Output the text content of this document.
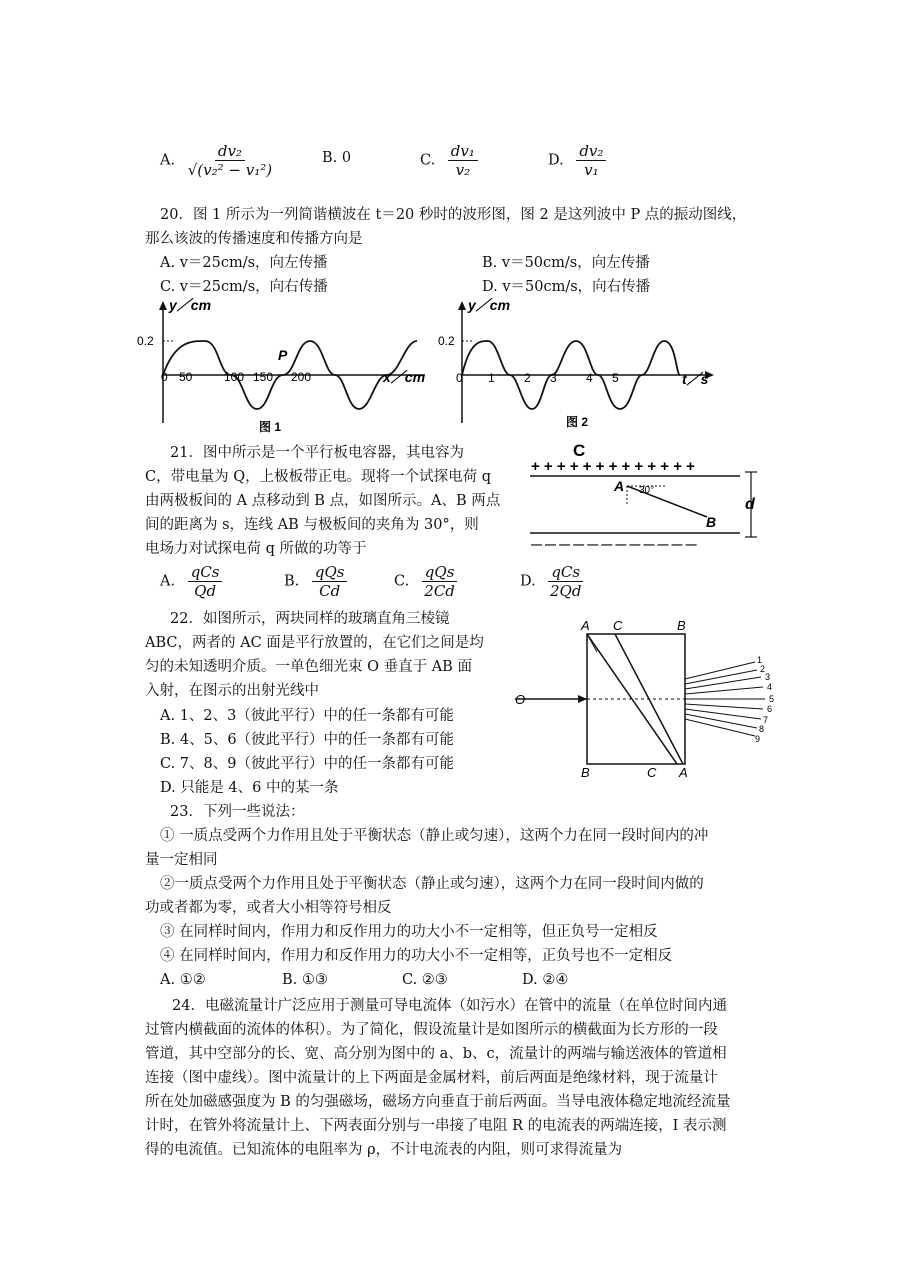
A. $\frac{\text{dv₂}}{\text{√(v₂² − v₁²)}}$	B. 0	C. $\frac{\text{dv₁}}{\text{v₂}}$	D. $\frac{\text{dv₂}}{\text{v₁}}$
20．图 1 所示为一列简谐横波在 t＝20 秒时的波形图，图 2 是这列波中 P 点的振动图线，
那么该波的传播速度和传播方向是
A. v＝25cm/s，向左传播	B. v＝50cm/s，向左传播
C. v＝25cm/s，向右传播	D. v＝50cm/s，向右传播
y／cm
0.2
P
0 50	100 150 200	x／cm
图 1
y／cm
0.2
0 1 2 3 4 5	t／s
图 2
21．图中所示是一个平行板电容器，其电容为
C，带电量为 Q，上极板带正电。现将一个试探电荷 q
由两极板间的 A 点移动到 B 点，如图所示。A、B 两点
间的距离为 s，连线 AB 与极板间的夹角为 30°，则
电场力对试探电荷 q 所做的功等于
A. $\frac{\text{qCs}}{Qd}$	B. $\frac{\text{qQs}}{Cd}$	C. $\frac{\text{qQs}}{2Cd}$	D. $\frac{\text{qCs}}{2Qd}$
C
+ + + + + + + + + + + + +
— — — — — — — — — — — —
A 30°
B
d
22．如图所示，两块同样的玻璃直角三棱镜
ABC，两者的 AC 面是平行放置的，在它们之间是均
匀的未知透明介质。一单色细光束 O 垂直于 AB 面
入射，在图示的出射光线中
A. 1、2、3（彼此平行）中的任一条都有可能
B. 4、5、6（彼此平行）中的任一条都有可能
C. 7、8、9（彼此平行）中的任一条都有可能
D. 只能是 4、6 中的某一条
A C	B
B	C A
O
1
2
3
4
5
6
7
8
9
23．下列一些说法：
① 一质点受两个力作用且处于平衡状态（静止或匀速），这两个力在同一段时间内的冲
量一定相同
②一质点受两个力作用且处于平衡状态（静止或匀速），这两个力在同一段时间内做的
功或者都为零，或者大小相等符号相反
③ 在同样时间内，作用力和反作用力的功大小不一定相等，但正负号一定相反
④ 在同样时间内，作用力和反作用力的功大小不一定相等，正负号也不一定相反
A. ①②	B. ①③	C. ②③	D. ②④
24．电磁流量计广泛应用于测量可导电流体（如污水）在管中的流量（在单位时间内通
过管内横截面的流体的体积）。为了简化，假设流量计是如图所示的横截面为长方形的一段
管道，其中空部分的长、宽、高分别为图中的 a、b、c，流量计的两端与输送液体的管道相
连接（图中虚线）。图中流量计的上下两面是金属材料，前后两面是绝缘材料，现于流量计
所在处加磁感强度为 B 的匀强磁场，磁场方向垂直于前后两面。当导电液体稳定地流经流量
计时，在管外将流量计上、下两表面分别与一串接了电阻 R 的电流表的两端连接，I 表示测
得的电流值。已知流体的电阻率为 ρ，不计电流表的内阻，则可求得流量为
